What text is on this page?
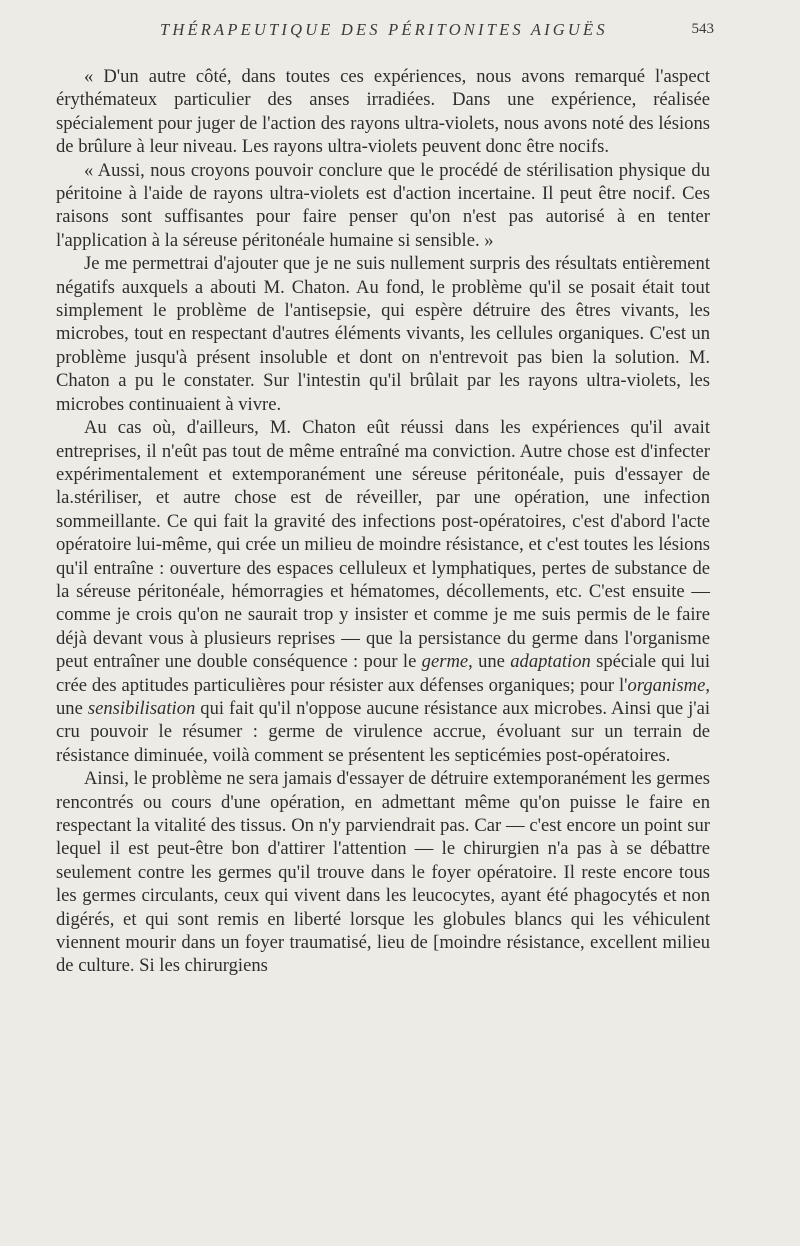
THÉRAPEUTIQUE DES PÉRITONITES AIGUËS	543

« D'un autre côté, dans toutes ces expériences, nous avons remarqué l'aspect érythémateux particulier des anses irradiées. Dans une expérience, réalisée spécialement pour juger de l'action des rayons ultra-violets, nous avons noté des lésions de brûlure à leur niveau. Les rayons ultra-violets peuvent donc être nocifs.

« Aussi, nous croyons pouvoir conclure que le procédé de stérilisation physique du péritoine à l'aide de rayons ultra-violets est d'action incertaine. Il peut être nocif. Ces raisons sont suffisantes pour faire penser qu'on n'est pas autorisé à en tenter l'application à la séreuse péritonéale humaine si sensible. »

Je me permettrai d'ajouter que je ne suis nullement surpris des résultats entièrement négatifs auxquels a abouti M. Chaton. Au fond, le problème qu'il se posait était tout simplement le problème de l'antisepsie, qui espère détruire des êtres vivants, les microbes, tout en respectant d'autres éléments vivants, les cellules organiques. C'est un problème jusqu'à présent insoluble et dont on n'entrevoit pas bien la solution. M. Chaton a pu le constater. Sur l'intestin qu'il brûlait par les rayons ultra-violets, les microbes continuaient à vivre.

Au cas où, d'ailleurs, M. Chaton eût réussi dans les expériences qu'il avait entreprises, il n'eût pas tout de même entraîné ma conviction. Autre chose est d'infecter expérimentalement et extemporanément une séreuse péritonéale, puis d'essayer de la.stériliser, et autre chose est de réveiller, par une opération, une infection sommeillante. Ce qui fait la gravité des infections post-opératoires, c'est d'abord l'acte opératoire lui-même, qui crée un milieu de moindre résistance, et c'est toutes les lésions qu'il entraîne : ouverture des espaces celluleux et lymphatiques, pertes de substance de la séreuse péritonéale, hémorragies et hématomes, décollements, etc. C'est ensuite — comme je crois qu'on ne saurait trop y insister et comme je me suis permis de le faire déjà devant vous à plusieurs reprises — que la persistance du germe dans l'organisme peut entraîner une double conséquence : pour le germe, une adaptation spéciale qui lui crée des aptitudes particulières pour résister aux défenses organiques; pour l'organisme, une sensibilisation qui fait qu'il n'oppose aucune résistance aux microbes. Ainsi que j'ai cru pouvoir le résumer : germe de virulence accrue, évoluant sur un terrain de résistance diminuée, voilà comment se présentent les septicémies post-opératoires.

Ainsi, le problème ne sera jamais d'essayer de détruire extemporanément les germes rencontrés ou cours d'une opération, en admettant même qu'on puisse le faire en respectant la vitalité des tissus. On n'y parviendrait pas. Car — c'est encore un point sur lequel il est peut-être bon d'attirer l'attention — le chirurgien n'a pas à se débattre seulement contre les germes qu'il trouve dans le foyer opératoire. Il reste encore tous les germes circulants, ceux qui vivent dans les leucocytes, ayant été phagocytés et non digérés, et qui sont remis en liberté lorsque les globules blancs qui les véhiculent viennent mourir dans un foyer traumatisé, lieu de [moindre résistance, excellent milieu de culture. Si les chirurgiens
